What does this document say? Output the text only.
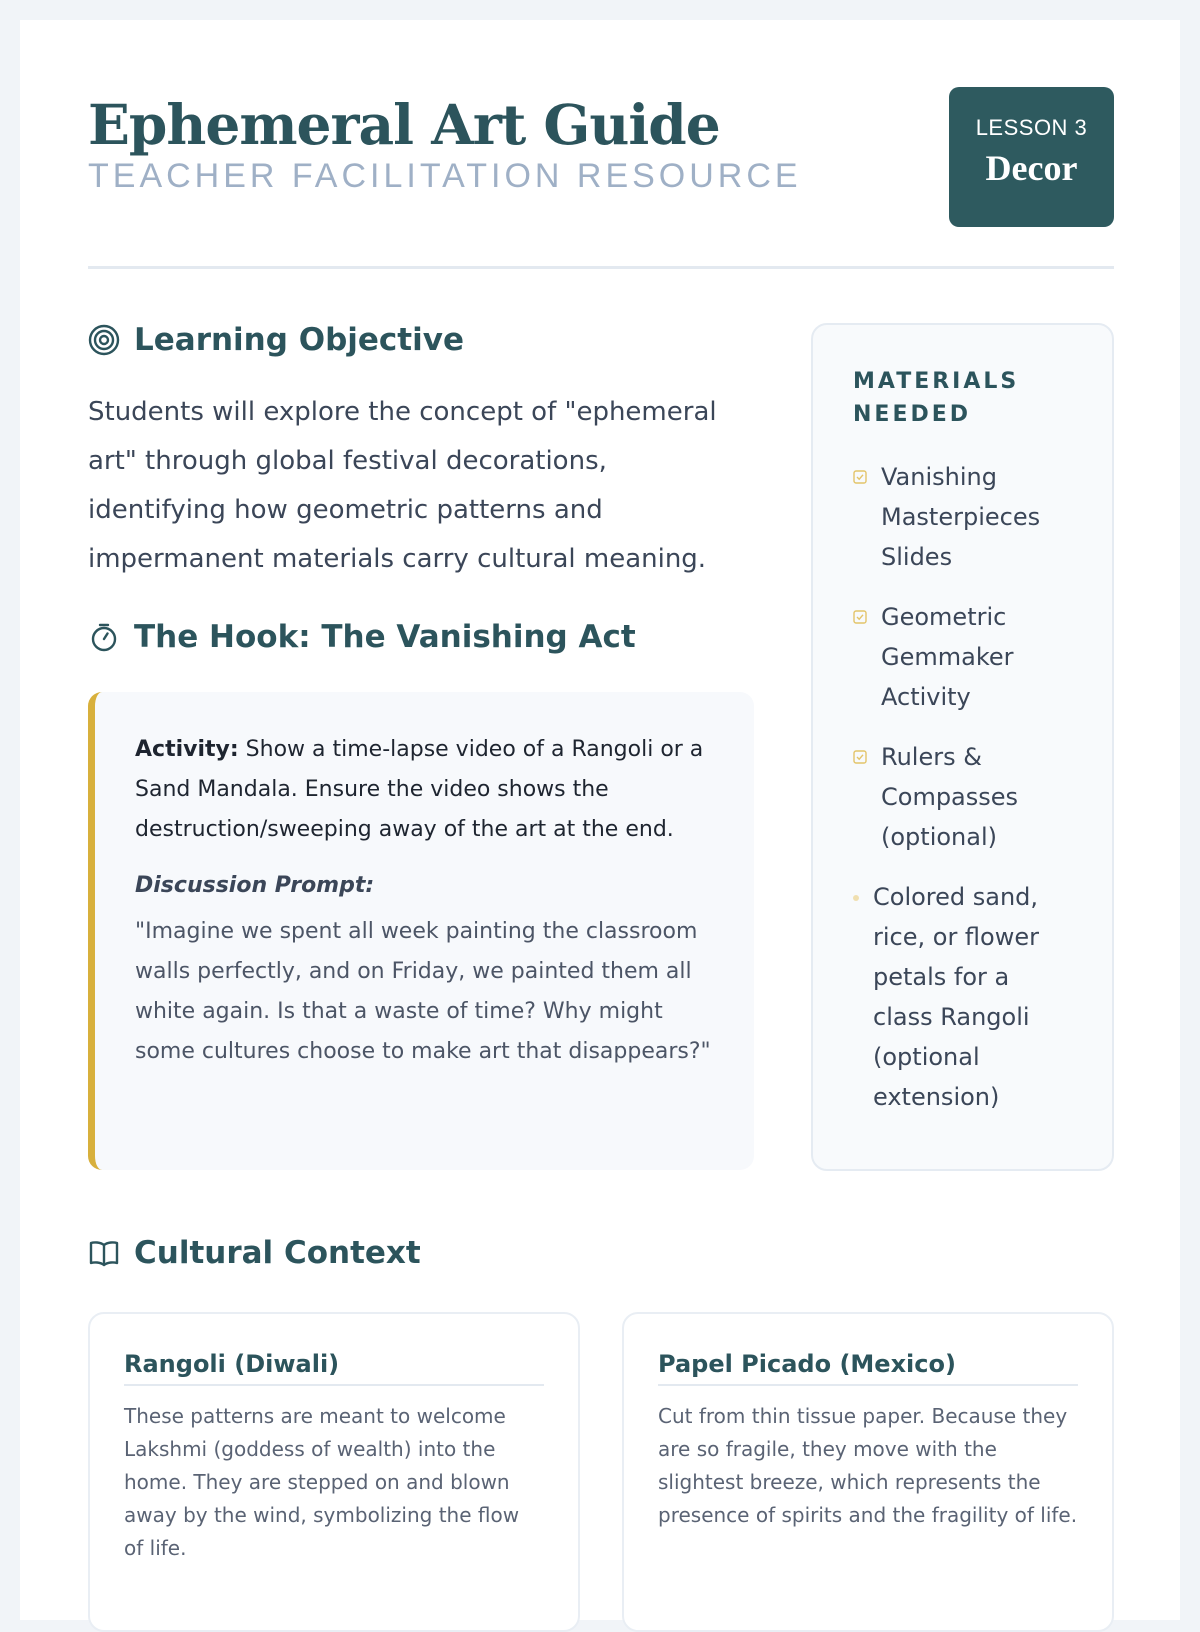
Ephemeral Art Guide
TEACHER FACILITATION RESOURCE
LESSON 3
Decor
Learning Objective

Students will explore the concept of "ephemeral art" through global festival decorations, identifying how geometric patterns and impermanent materials carry cultural meaning.

The Hook: The Vanishing Act

Activity: Show a time-lapse video of a Rangoli or a Sand Mandala. Ensure the video shows the destruction/sweeping away of the art at the end.

Discussion Prompt:

"Imagine we spent all week painting the classroom walls perfectly, and on Friday, we painted them all white again. Is that a waste of time? Why might some cultures choose to make art that disappears?"

MATERIALS NEEDED
Vanishing Masterpieces Slides
Geometric Gemmaker Activity
Rulers & Compasses (optional)
Colored sand, rice, or flower petals for a class Rangoli (optional extension)
Cultural Context
Rangoli (Diwali)

These patterns are meant to welcome Lakshmi (goddess of wealth) into the home. They are stepped on and blown away by the wind, symbolizing the flow of life.

Papel Picado (Mexico)

Cut from thin tissue paper. Because they are so fragile, they move with the slightest breeze, which represents the presence of spirits and the fragility of life.
